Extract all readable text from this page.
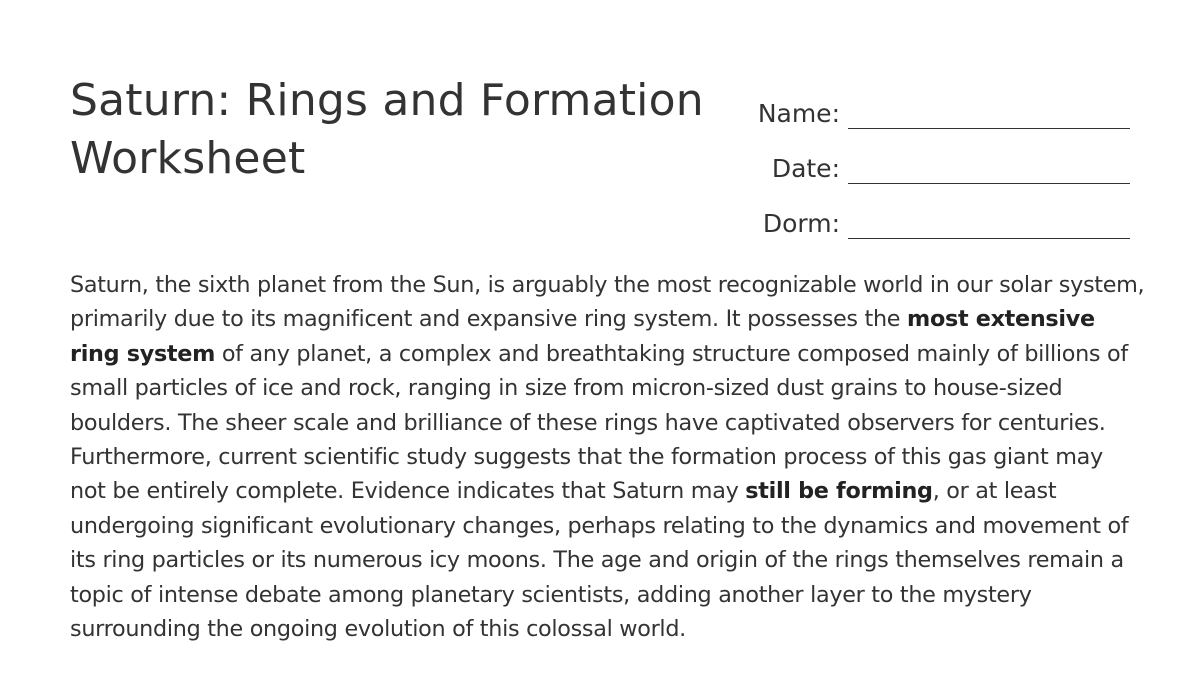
Saturn: Rings and Formation Worksheet
Name:
Date:
Dorm:

Saturn, the sixth planet from the Sun, is arguably the most recognizable world in our solar system, primarily due to its magnificent and expansive ring system. It possesses the most extensive ring system of any planet, a complex and breathtaking structure composed mainly of billions of small particles of ice and rock, ranging in size from micron-sized dust grains to house-sized boulders. The sheer scale and brilliance of these rings have captivated observers for centuries. Furthermore, current scientific study suggests that the formation process of this gas giant may not be entirely complete. Evidence indicates that Saturn may still be forming, or at least undergoing significant evolutionary changes, perhaps relating to the dynamics and movement of its ring particles or its numerous icy moons. The age and origin of the rings themselves remain a topic of intense debate among planetary scientists, adding another layer to the mystery surrounding the ongoing evolution of this colossal world.
